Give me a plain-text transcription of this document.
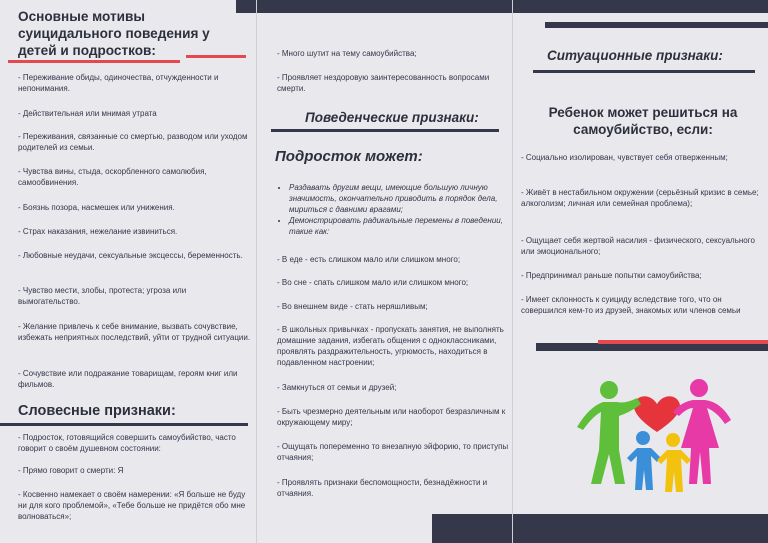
Основные мотивы суицидального поведения у детей и подростков:
- Переживание обиды, одиночества, отчужденности и непонимания.
- Действительная или мнимая утрата
- Переживания, связанные со смертью, разводом или уходом родителей из семьи.
- Чувства вины, стыда, оскорбленного самолюбия, самообвинения.
- Боязнь позора, насмешек или унижения.
- Страх наказания, нежелание извиниться.
- Любовные неудачи, сексуальные эксцессы, беременность.
- Чувство мести, злобы, протеста; угроза или вымогательство.
- Желание привлечь к себе внимание, вызвать сочувствие, избежать неприятных последствий, уйти от трудной ситуации.
- Сочувствие или подражание товарищам, героям книг или фильмов.
Словесные признаки:
- Подросток, готовящийся совершить самоубийство, часто говорит о своём душевном состоянии:
- Прямо говорит о смерти: Я
- Косвенно намекает о своём намерении: «Я больше не буду ни для кого проблемой», «Тебе больше не придётся обо мне волноваться»;
- Много шутит на тему самоубийства;
- Проявляет нездоровую заинтересованность вопросами смерти.
Поведенческие признаки:
Подросток может:
• Раздавать другим вещи, имеющие большую личную значимость, окончательно приводить в порядок дела, мириться с давними врагами;
• Демонстрировать радикальные перемены в поведении, такие как:
- В еде - есть слишком мало или слишком много;
- Во сне - спать слишком мало или слишком много;
- Во внешнем виде - стать неряшливым;
- В школьных привычках - пропускать занятия, не выполнять домашние задания, избегать общения с одноклассниками, проявлять раздражительность, угрюмость, находиться в подавленном настроении;
- Замкнуться от семьи и друзей;
- Быть чрезмерно деятельным или наоборот безразличным к окружающему миру;
- Ощущать попеременно то внезапную эйфорию, то приступы отчаяния;
- Проявлять признаки беспомощности, безнадёжности и отчаяния.
Ситуационные признаки:
Ребенок может решиться на самоубийство, если:
- Социально изолирован, чувствует себя отверженным;
- Живёт в нестабильном окружении (серьёзный кризис в семье; алкоголизм; личная или семейная проблема);
- Ощущает себя жертвой насилия - физического, сексуального или эмоционального;
- Предпринимал раньше попытки самоубийства;
- Имеет склонность к суициду вследствие того, что он совершился кем-то из друзей, знакомых или членов семьи
